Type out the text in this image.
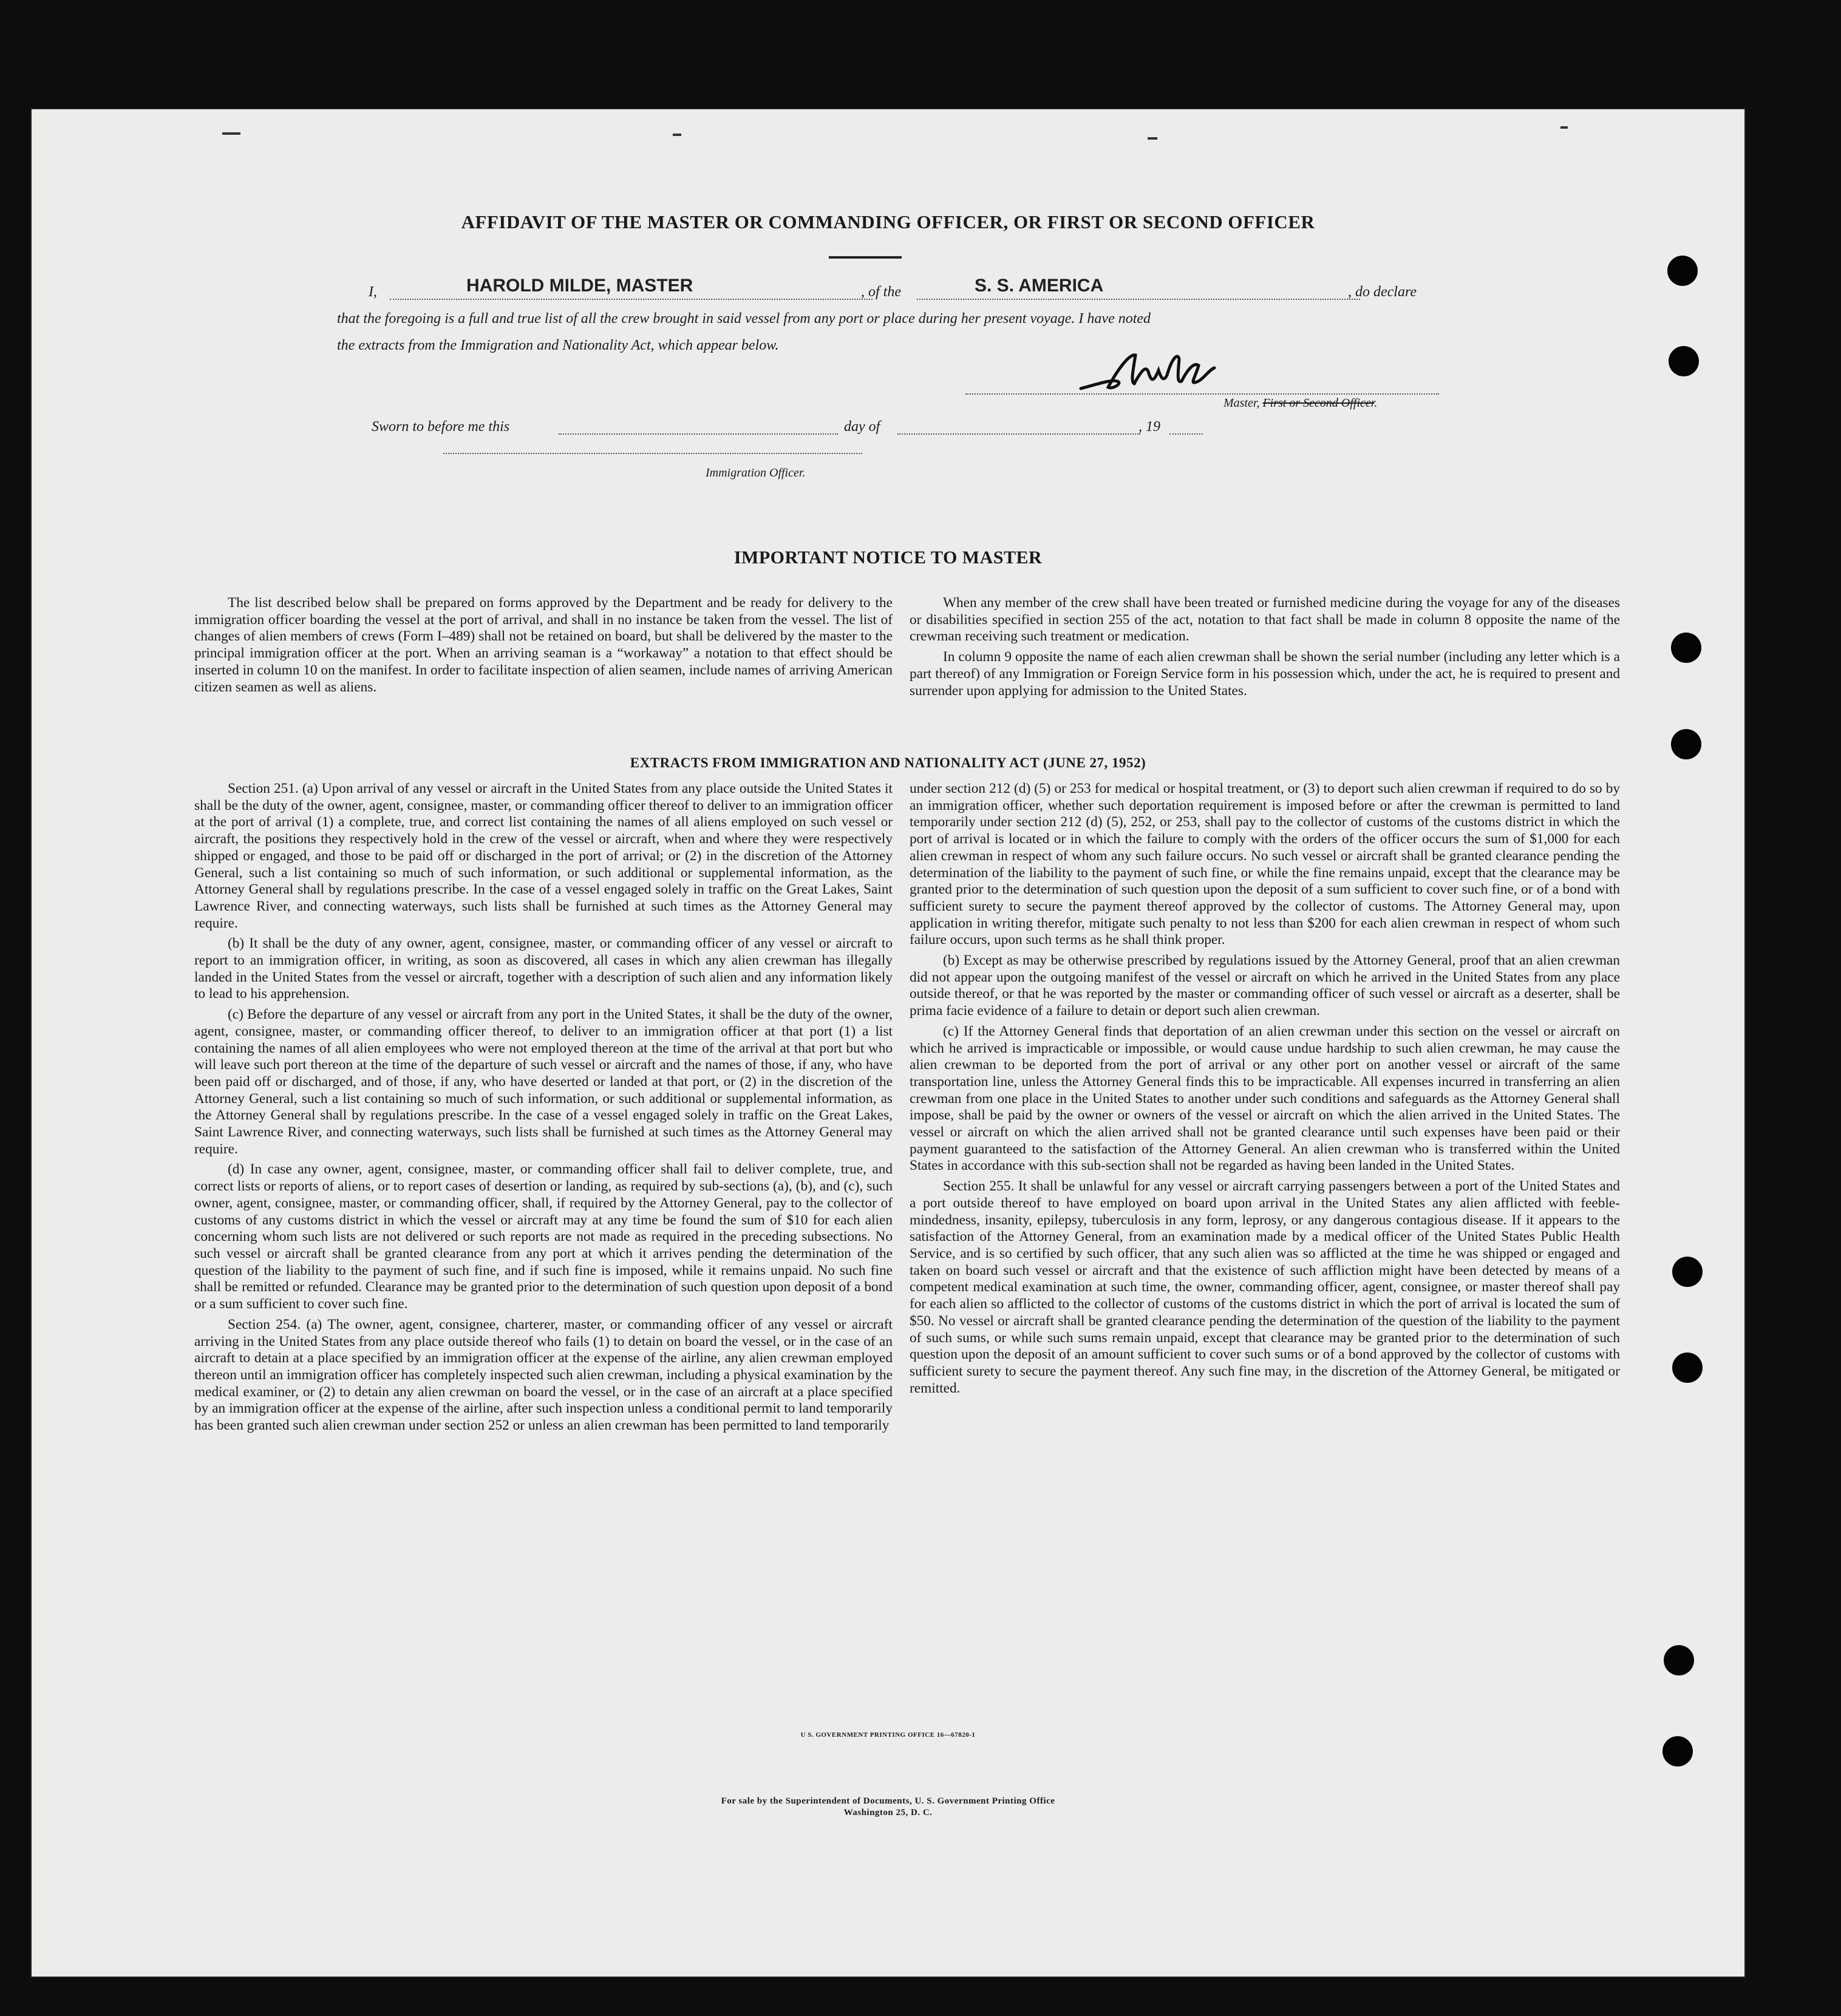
AFFIDAVIT OF THE MASTER OR COMMANDING OFFICER, OR FIRST OR SECOND OFFICER
I,	HAROLD MILDE, MASTER	, of the	S. S. AMERICA	, do declare
that the foregoing is a full and true list of all the crew brought in said vessel from any port or place during her present voyage. I have noted
the extracts from the Immigration and Nationality Act, which appear below.
Master, First or Second Officer.
Sworn to before me this	day of	, 19
Immigration Officer.
IMPORTANT NOTICE TO MASTER

The list described below shall be prepared on forms approved by the Department and be ready for delivery to the immigration officer boarding the vessel at the port of arrival, and shall in no instance be taken from the vessel. The list of changes of alien members of crews (Form I–489) shall not be retained on board, but shall be delivered by the master to the principal immigration officer at the port. When an arriving seaman is a “workaway” a notation to that effect should be inserted in column 10 on the manifest. In order to facilitate inspection of alien seamen, include names of arriving American citizen seamen as well as aliens.

When any member of the crew shall have been treated or furnished medicine during the voyage for any of the diseases or disabilities specified in section 255 of the act, notation to that fact shall be made in column 8 opposite the name of the crewman receiving such treatment or medication.

In column 9 opposite the name of each alien crewman shall be shown the serial number (including any letter which is a part thereof) of any Immigration or Foreign Service form in his possession which, under the act, he is required to present and surrender upon applying for admission to the United States.

EXTRACTS FROM IMMIGRATION AND NATIONALITY ACT (JUNE 27, 1952)

Section 251. (a) Upon arrival of any vessel or aircraft in the United States from any place outside the United States it shall be the duty of the owner, agent, consignee, master, or commanding officer thereof to deliver to an immigration officer at the port of arrival (1) a complete, true, and correct list containing the names of all aliens employed on such vessel or aircraft, the positions they respectively hold in the crew of the vessel or aircraft, when and where they were respectively shipped or engaged, and those to be paid off or discharged in the port of arrival; or (2) in the discretion of the Attorney General, such a list containing so much of such information, or such additional or supplemental information, as the Attorney General shall by regulations prescribe. In the case of a vessel engaged solely in traffic on the Great Lakes, Saint Lawrence River, and connecting waterways, such lists shall be furnished at such times as the Attorney General may require.

(b) It shall be the duty of any owner, agent, consignee, master, or commanding officer of any vessel or aircraft to report to an immigration officer, in writing, as soon as discovered, all cases in which any alien crewman has illegally landed in the United States from the vessel or aircraft, together with a description of such alien and any information likely to lead to his apprehension.

(c) Before the departure of any vessel or aircraft from any port in the United States, it shall be the duty of the owner, agent, consignee, master, or commanding officer thereof, to deliver to an immigration officer at that port (1) a list containing the names of all alien employees who were not employed thereon at the time of the arrival at that port but who will leave such port thereon at the time of the departure of such vessel or aircraft and the names of those, if any, who have been paid off or discharged, and of those, if any, who have deserted or landed at that port, or (2) in the discretion of the Attorney General, such a list containing so much of such information, or such additional or supplemental information, as the Attorney General shall by regulations prescribe. In the case of a vessel engaged solely in traffic on the Great Lakes, Saint Lawrence River, and connecting waterways, such lists shall be furnished at such times as the Attorney General may require.

(d) In case any owner, agent, consignee, master, or commanding officer shall fail to deliver complete, true, and correct lists or reports of aliens, or to report cases of desertion or landing, as required by sub-sections (a), (b), and (c), such owner, agent, consignee, master, or commanding officer, shall, if required by the Attorney General, pay to the collector of customs of any customs district in which the vessel or aircraft may at any time be found the sum of $10 for each alien concerning whom such lists are not delivered or such reports are not made as required in the preceding subsections. No such vessel or aircraft shall be granted clearance from any port at which it arrives pending the determination of the question of the liability to the payment of such fine, and if such fine is imposed, while it remains unpaid. No such fine shall be remitted or refunded. Clearance may be granted prior to the determination of such question upon deposit of a bond or a sum sufficient to cover such fine.

Section 254. (a) The owner, agent, consignee, charterer, master, or commanding officer of any vessel or aircraft arriving in the United States from any place outside thereof who fails (1) to detain on board the vessel, or in the case of an aircraft to detain at a place specified by an immigration officer at the expense of the airline, any alien crewman employed thereon until an immigration officer has completely inspected such alien crewman, including a physical examination by the medical examiner, or (2) to detain any alien crewman on board the vessel, or in the case of an aircraft at a place specified by an immigration officer at the expense of the airline, after such inspection unless a conditional permit to land temporarily has been granted such alien crewman under section 252 or unless an alien crewman has been permitted to land temporarily

under section 212 (d) (5) or 253 for medical or hospital treatment, or (3) to deport such alien crewman if required to do so by an immigration officer, whether such deportation requirement is imposed before or after the crewman is permitted to land temporarily under section 212 (d) (5), 252, or 253, shall pay to the collector of customs of the customs district in which the port of arrival is located or in which the failure to comply with the orders of the officer occurs the sum of $1,000 for each alien crewman in respect of whom any such failure occurs. No such vessel or aircraft shall be granted clearance pending the determination of the liability to the payment of such fine, or while the fine remains unpaid, except that the clearance may be granted prior to the determination of such question upon the deposit of a sum sufficient to cover such fine, or of a bond with sufficient surety to secure the payment thereof approved by the collector of customs. The Attorney General may, upon application in writing therefor, mitigate such penalty to not less than $200 for each alien crewman in respect of whom such failure occurs, upon such terms as he shall think proper.

(b) Except as may be otherwise prescribed by regulations issued by the Attorney General, proof that an alien crewman did not appear upon the outgoing manifest of the vessel or aircraft on which he arrived in the United States from any place outside thereof, or that he was reported by the master or commanding officer of such vessel or aircraft as a deserter, shall be prima facie evidence of a failure to detain or deport such alien crewman.

(c) If the Attorney General finds that deportation of an alien crewman under this section on the vessel or aircraft on which he arrived is impracticable or impossible, or would cause undue hardship to such alien crewman, he may cause the alien crewman to be deported from the port of arrival or any other port on another vessel or aircraft of the same transportation line, unless the Attorney General finds this to be impracticable. All expenses incurred in transferring an alien crewman from one place in the United States to another under such conditions and safeguards as the Attorney General shall impose, shall be paid by the owner or owners of the vessel or aircraft on which the alien arrived in the United States. The vessel or aircraft on which the alien arrived shall not be granted clearance until such expenses have been paid or their payment guaranteed to the satisfaction of the Attorney General. An alien crewman who is transferred within the United States in accordance with this sub-section shall not be regarded as having been landed in the United States.

Section 255. It shall be unlawful for any vessel or aircraft carrying passengers between a port of the United States and a port outside thereof to have employed on board upon arrival in the United States any alien afflicted with feeble-mindedness, insanity, epilepsy, tuberculosis in any form, leprosy, or any dangerous contagious disease. If it appears to the satisfaction of the Attorney General, from an examination made by a medical officer of the United States Public Health Service, and is so certified by such officer, that any such alien was so afflicted at the time he was shipped or engaged and taken on board such vessel or aircraft and that the existence of such affliction might have been detected by means of a competent medical examination at such time, the owner, commanding officer, agent, consignee, or master thereof shall pay for each alien so afflicted to the collector of customs of the customs district in which the port of arrival is located the sum of $50. No vessel or aircraft shall be granted clearance pending the determination of the question of the liability to the payment of such sums, or while such sums remain unpaid, except that clearance may be granted prior to the determination of such question upon the deposit of an amount sufficient to cover such sums or of a bond approved by the collector of customs with sufficient surety to secure the payment thereof. Any such fine may, in the discretion of the Attorney General, be mitigated or remitted.

U S. GOVERNMENT PRINTING OFFICE 16—67820-1
For sale by the Superintendent of Documents, U. S. Government Printing Office
Washington 25, D. C.
